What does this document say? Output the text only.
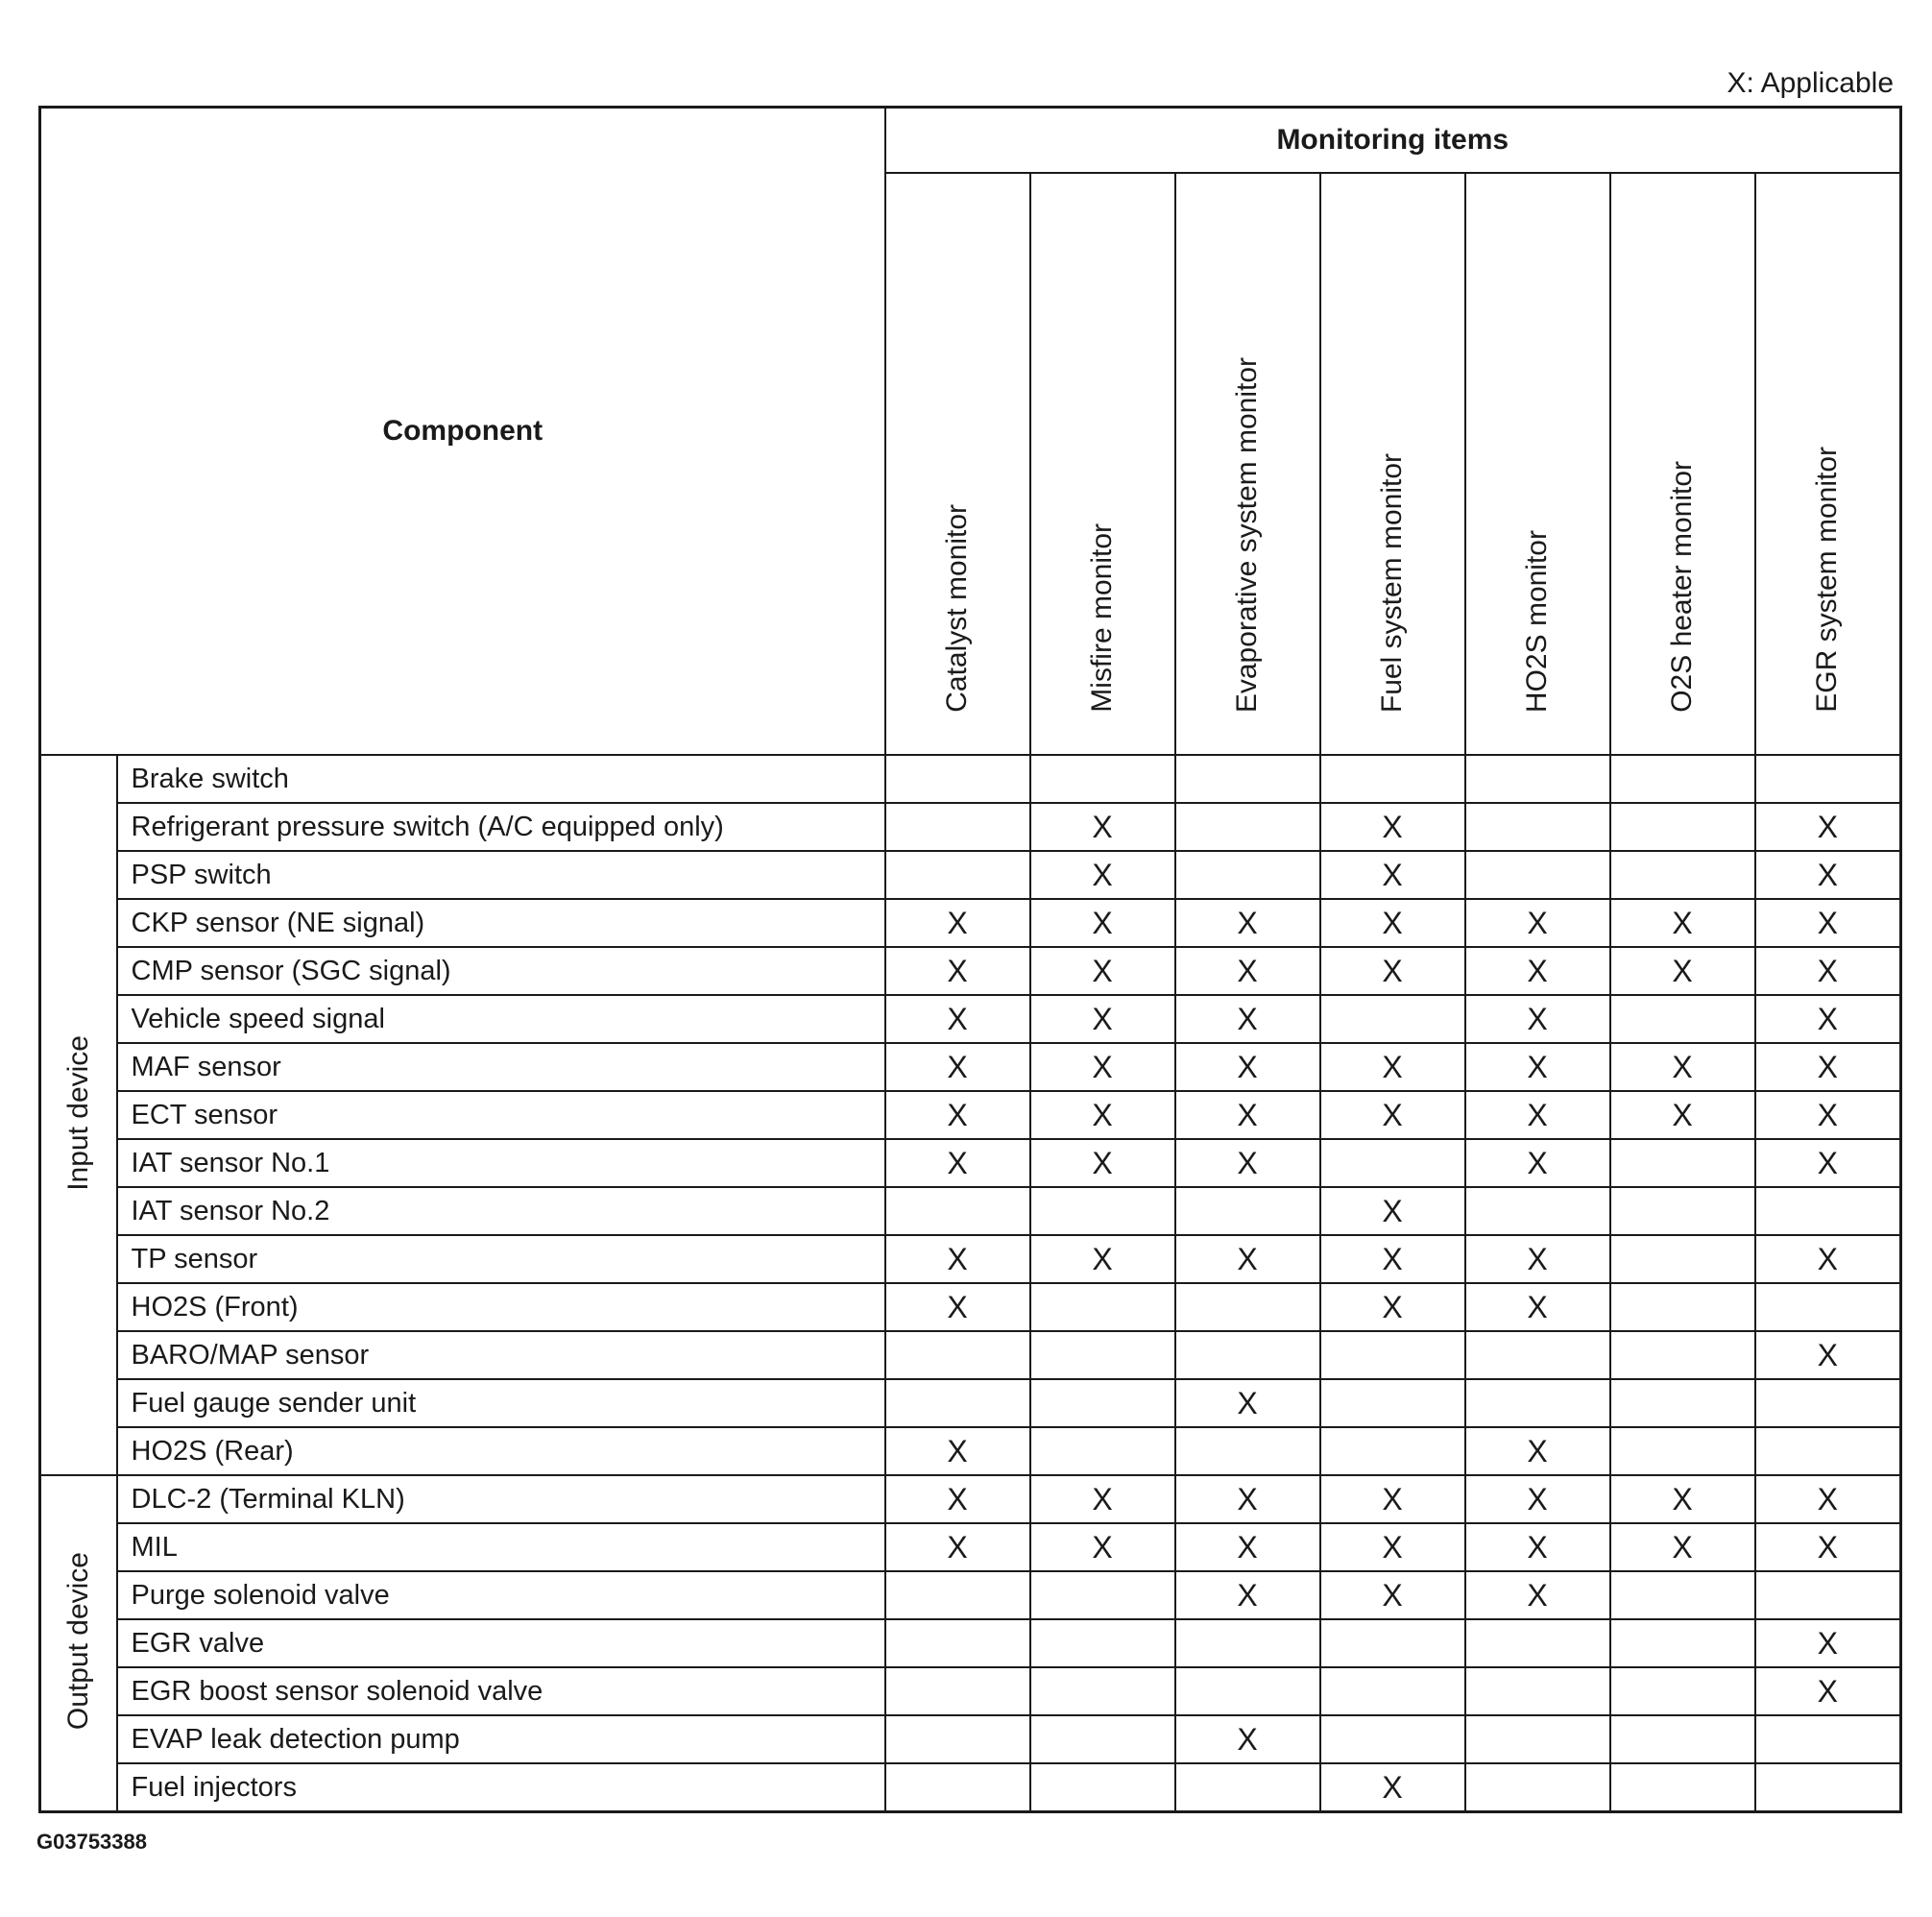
X: Applicable
Component		Monitoring items						
		Catalyst monitor	Misfire monitor	Evaporative system monitor	Fuel system monitor	HO2S monitor	O2S heater monitor	EGR system monitor
Input device	Brake switch							
	Refrigerant pressure switch (A/C equipped only)		X		X			X
	PSP switch		X		X			X
	CKP sensor (NE signal)	X	X	X	X	X	X	X
	CMP sensor (SGC signal)	X	X	X	X	X	X	X
	Vehicle speed signal	X	X	X		X		X
	MAF sensor	X	X	X	X	X	X	X
	ECT sensor	X	X	X	X	X	X	X
	IAT sensor No.1	X	X	X		X		X
	IAT sensor No.2				X			
	TP sensor	X	X	X	X	X		X
	HO2S (Front)	X			X	X		
	BARO/MAP sensor							X
	Fuel gauge sender unit			X				
	HO2S (Rear)	X				X		
Output device	DLC-2 (Terminal KLN)	X	X	X	X	X	X	X
	MIL	X	X	X	X	X	X	X
	Purge solenoid valve			X	X	X		
	EGR valve							X
	EGR boost sensor solenoid valve							X
	EVAP leak detection pump			X				
	Fuel injectors				X			
G03753388
